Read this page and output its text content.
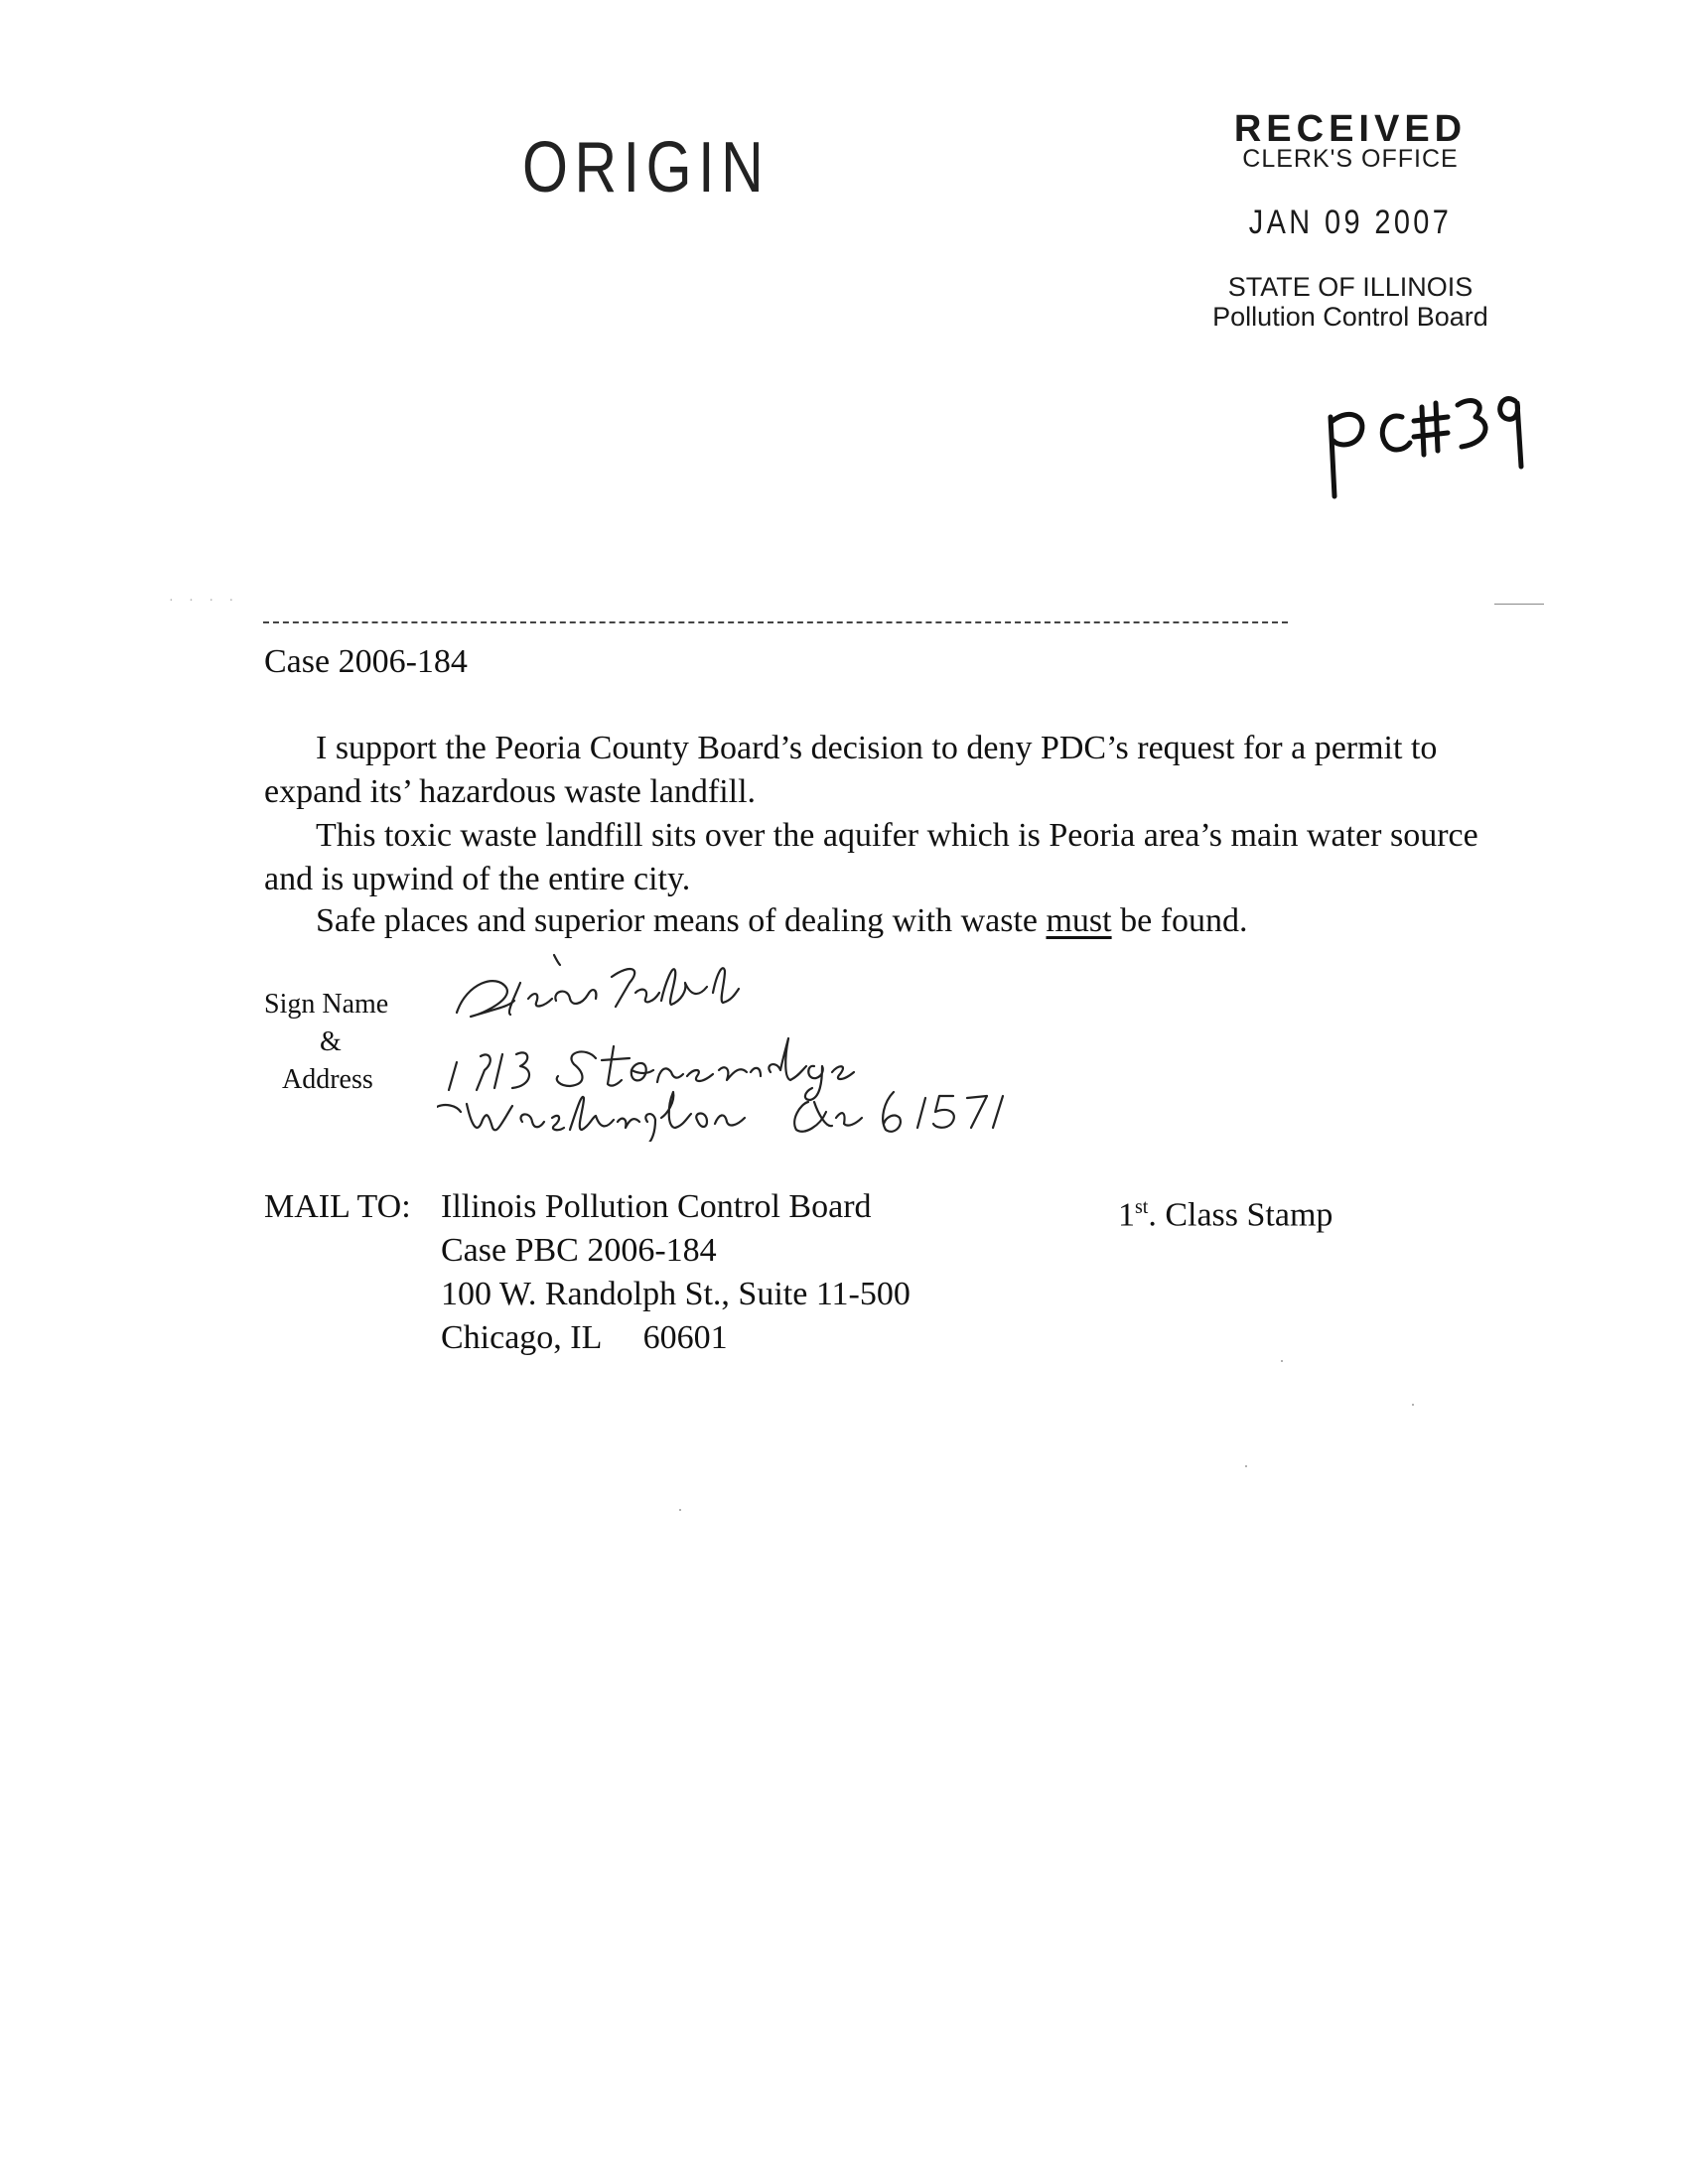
ORIGIN	RECEIVED
CLERK'S OFFICE
JAN 09 2007
STATE OF ILLINOIS
Pollution Control Board
· · · ·
Case 2006-184
I support the Peoria County Board’s decision to deny PDC’s request for a permit to expand its’ hazardous waste landfill.
This toxic waste landfill sits over the aquifer which is Peoria area’s main water source and is upwind of the entire city.
Safe places and superior means of dealing with waste must be found.
Sign Name
&
Address
MAIL TO: Illinois Pollution Control Board
Case PBC 2006-184
100 W. Randolph St., Suite 11-500
Chicago, IL     60601
1st. Class Stamp
